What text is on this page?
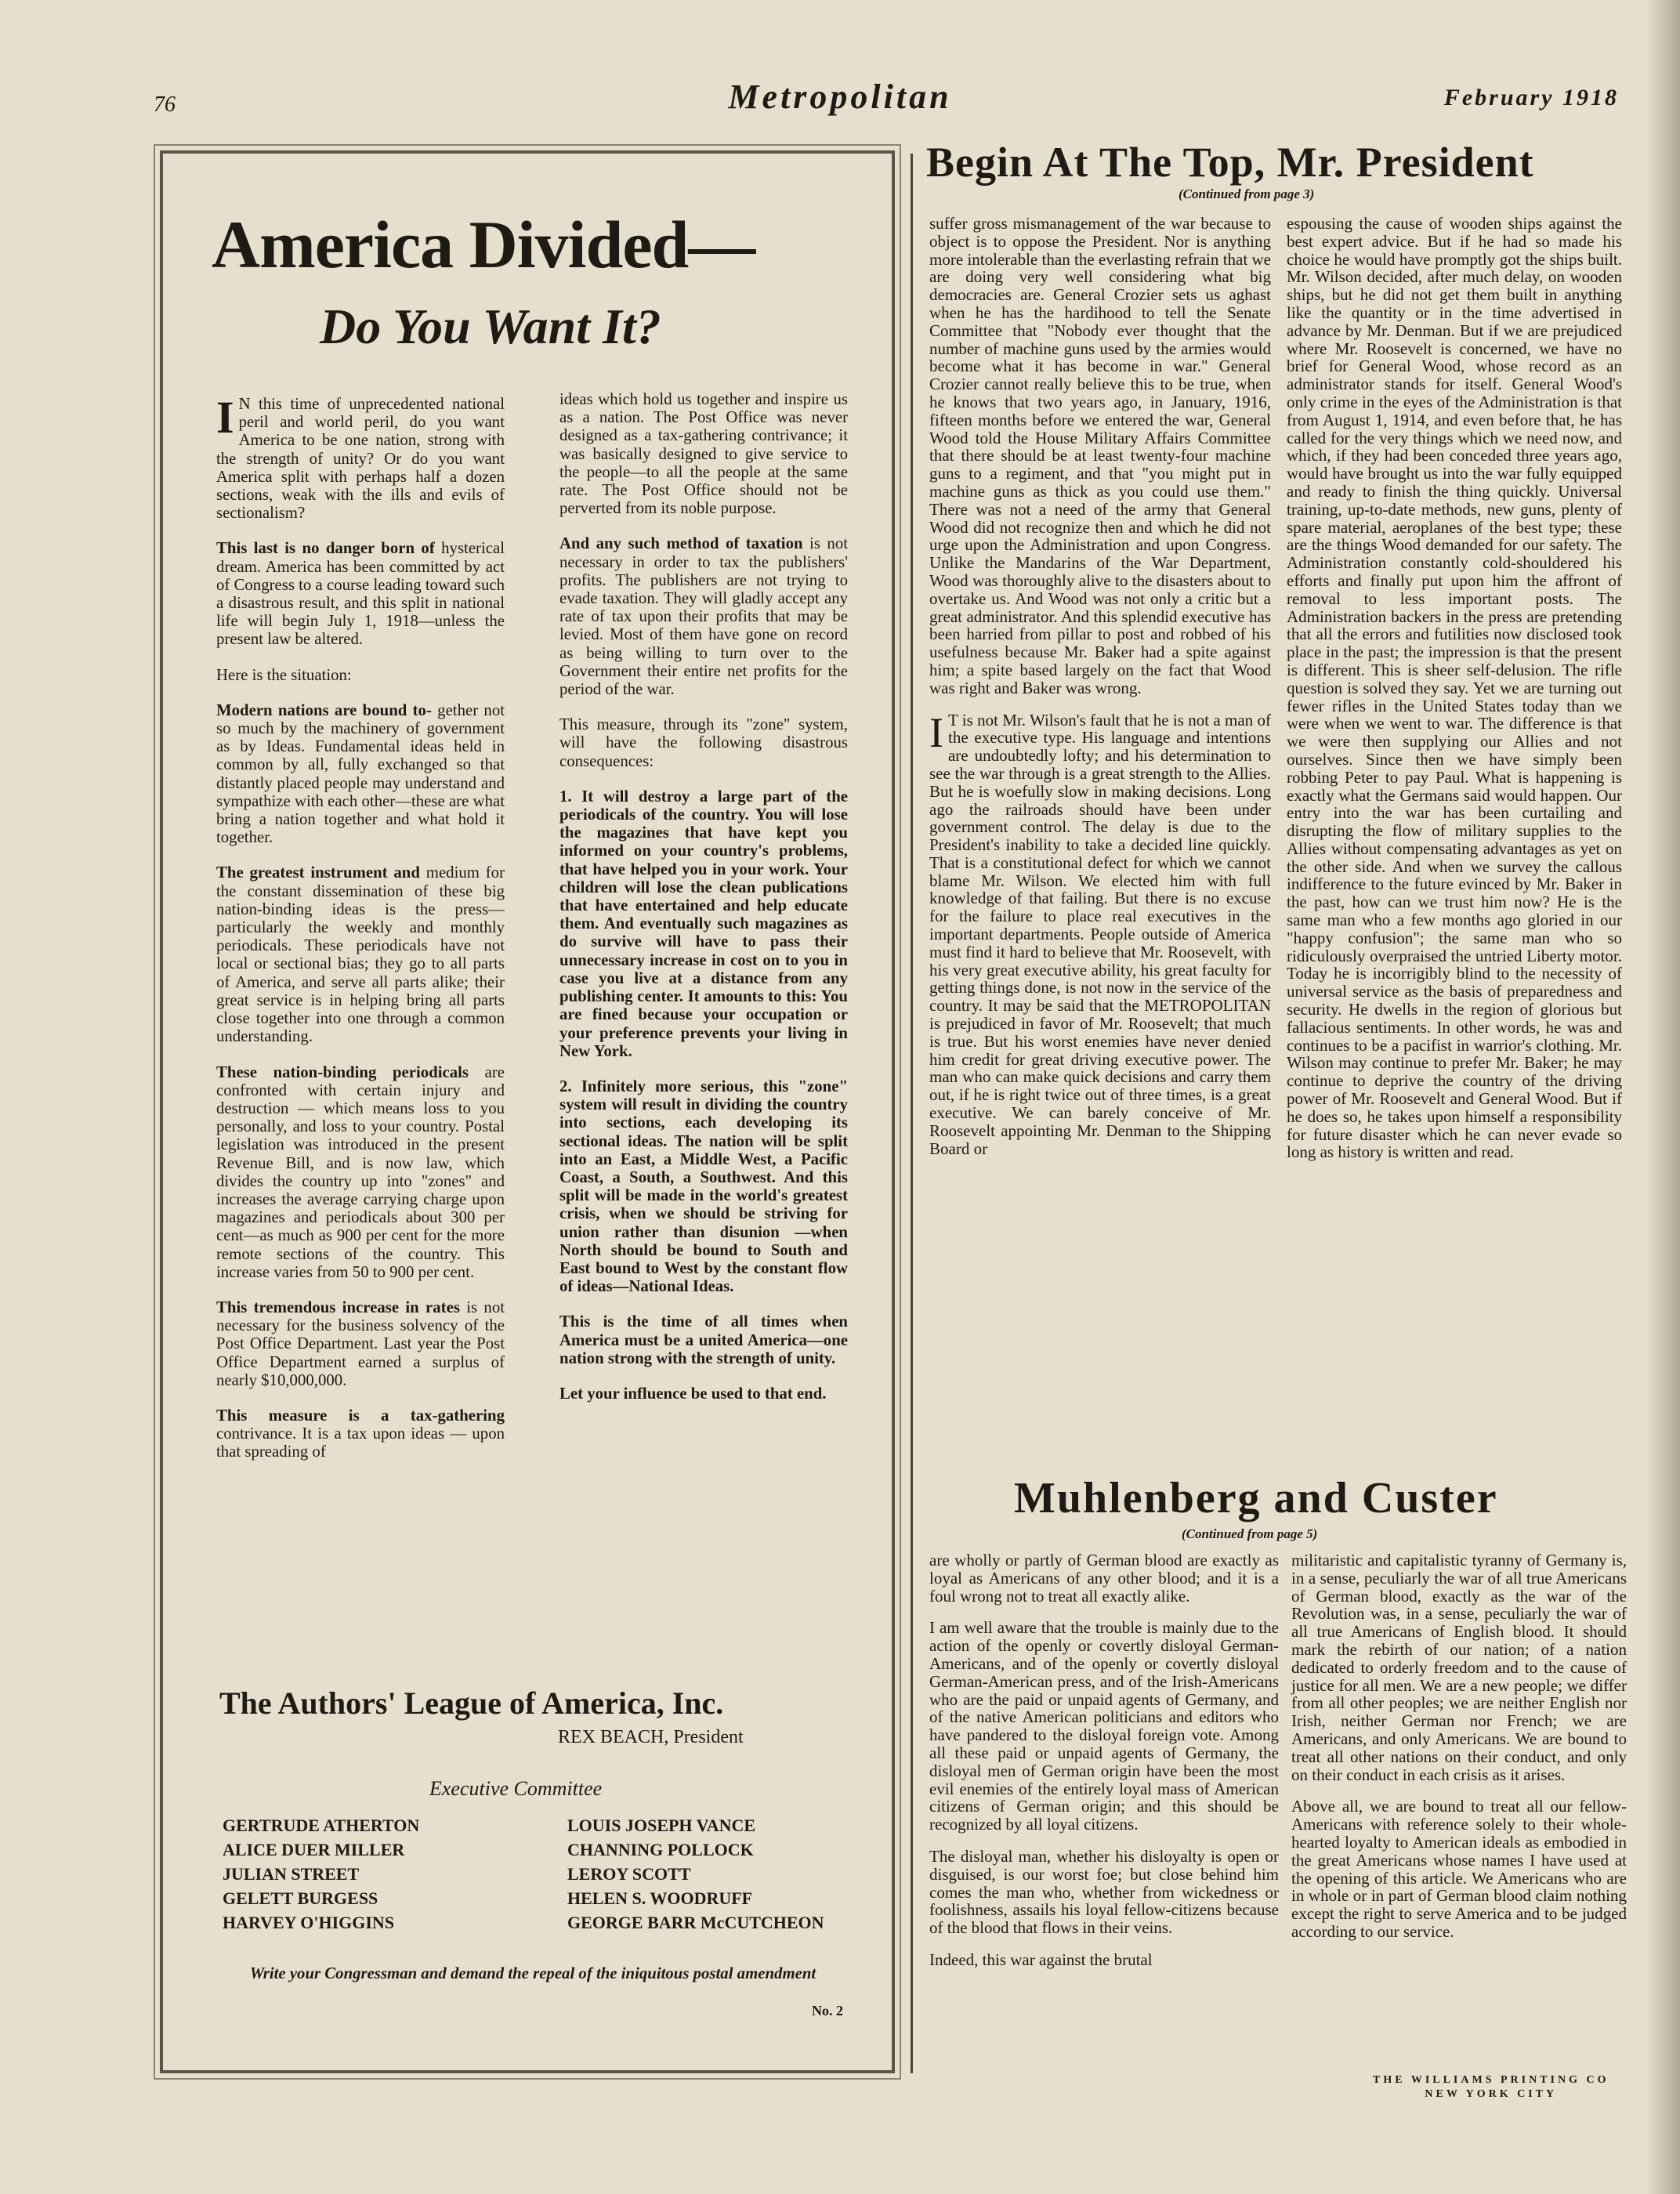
76	Metropolitan	February 1918
America Divided—
Do You Want It?

I N this time of unprecedented national peril and world peril, do you want America to be one nation, strong with the strength of unity? Or do you want America split with perhaps half a dozen sections, weak with the ills and evils of sectionalism?

This last is no danger born of hysterical dream. America has been committed by act of Congress to a course leading toward such a disastrous result, and this split in national life will begin July 1, 1918—unless the present law be altered.

Here is the situation:

Modern nations are bound to- gether not so much by the machinery of government as by Ideas. Fundamental ideas held in common by all, fully exchanged so that distantly placed people may understand and sympathize with each other—these are what bring a nation together and what hold it together.

The greatest instrument and medium for the constant dissemination of these big nation-binding ideas is the press—particularly the weekly and monthly periodicals. These periodicals have not local or sectional bias; they go to all parts of America, and serve all parts alike; their great service is in helping bring all parts close together into one through a common understanding.

These nation-binding periodicals are confronted with certain injury and destruction — which means loss to you personally, and loss to your country. Postal legislation was introduced in the present Revenue Bill, and is now law, which divides the country up into "zones" and increases the average carrying charge upon magazines and periodicals about 300 per cent—as much as 900 per cent for the more remote sections of the country. This increase varies from 50 to 900 per cent.

This tremendous increase in rates is not necessary for the business solvency of the Post Office Department. Last year the Post Office Department earned a surplus of nearly $10,000,000.

This measure is a tax-gathering contrivance. It is a tax upon ideas — upon that spreading of

ideas which hold us together and inspire us as a nation. The Post Office was never designed as a tax-gathering contrivance; it was basically designed to give service to the people—to all the people at the same rate. The Post Office should not be perverted from its noble purpose.

And any such method of taxation is not necessary in order to tax the publishers' profits. The publishers are not trying to evade taxation. They will gladly accept any rate of tax upon their profits that may be levied. Most of them have gone on record as being willing to turn over to the Government their entire net profits for the period of the war.

This measure, through its "zone" system, will have the following disastrous consequences:

1. It will destroy a large part of the periodicals of the country. You will lose the magazines that have kept you informed on your country's problems, that have helped you in your work. Your children will lose the clean publications that have entertained and help educate them. And eventually such magazines as do survive will have to pass their unnecessary increase in cost on to you in case you live at a distance from any publishing center. It amounts to this: You are fined because your occupation or your preference prevents your living in New York.

2. Infinitely more serious, this "zone" system will result in dividing the country into sections, each developing its sectional ideas. The nation will be split into an East, a Middle West, a Pacific Coast, a South, a Southwest. And this split will be made in the world's greatest crisis, when we should be striving for union rather than disunion —when North should be bound to South and East bound to West by the constant flow of ideas—National Ideas.

This is the time of all times when America must be a united America—one nation strong with the strength of unity.

Let your influence be used to that end.

The Authors' League of America, Inc.
REX BEACH, President
Executive Committee
GERTRUDE ATHERTON
ALICE DUER MILLER
JULIAN STREET
GELETT BURGESS
HARVEY O'HIGGINS
LOUIS JOSEPH VANCE
CHANNING POLLOCK
LEROY SCOTT
HELEN S. WOODRUFF
GEORGE BARR McCUTCHEON
Write your Congressman and demand the repeal of the iniquitous postal amendment
No. 2
Begin At The Top, Mr. President
(Continued from page 3)

suffer gross mismanagement of the war because to object is to oppose the President. Nor is anything more intolerable than the everlasting refrain that we are doing very well considering what big democracies are. General Crozier sets us aghast when he has the hardihood to tell the Senate Committee that "Nobody ever thought that the number of machine guns used by the armies would become what it has become in war." General Crozier cannot really believe this to be true, when he knows that two years ago, in January, 1916, fifteen months before we entered the war, General Wood told the House Military Affairs Committee that there should be at least twenty-four machine guns to a regiment, and that "you might put in machine guns as thick as you could use them." There was not a need of the army that General Wood did not recognize then and which he did not urge upon the Administration and upon Congress. Unlike the Mandarins of the War Department, Wood was thoroughly alive to the disasters about to overtake us. And Wood was not only a critic but a great administrator. And this splendid executive has been harried from pillar to post and robbed of his usefulness because Mr. Baker had a spite against him; a spite based largely on the fact that Wood was right and Baker was wrong.

I T is not Mr. Wilson's fault that he is not a man of the executive type. His language and intentions are undoubtedly lofty; and his determination to see the war through is a great strength to the Allies. But he is woefully slow in making decisions. Long ago the railroads should have been under government control. The delay is due to the President's inability to take a decided line quickly. That is a constitutional defect for which we cannot blame Mr. Wilson. We elected him with full knowledge of that failing. But there is no excuse for the failure to place real executives in the important departments. People outside of America must find it hard to believe that Mr. Roosevelt, with his very great executive ability, his great faculty for getting things done, is not now in the service of the country. It may be said that the METROPOLITAN is prejudiced in favor of Mr. Roosevelt; that much is true. But his worst enemies have never denied him credit for great driving executive power. The man who can make quick decisions and carry them out, if he is right twice out of three times, is a great executive. We can barely conceive of Mr. Roosevelt appointing Mr. Denman to the Shipping Board or

espousing the cause of wooden ships against the best expert advice. But if he had so made his choice he would have promptly got the ships built. Mr. Wilson decided, after much delay, on wooden ships, but he did not get them built in anything like the quantity or in the time advertised in advance by Mr. Denman. But if we are prejudiced where Mr. Roosevelt is concerned, we have no brief for General Wood, whose record as an administrator stands for itself. General Wood's only crime in the eyes of the Administration is that from August 1, 1914, and even before that, he has called for the very things which we need now, and which, if they had been conceded three years ago, would have brought us into the war fully equipped and ready to finish the thing quickly. Universal training, up-to-date methods, new guns, plenty of spare material, aeroplanes of the best type; these are the things Wood demanded for our safety. The Administration constantly cold-shouldered his efforts and finally put upon him the affront of removal to less important posts. The Administration backers in the press are pretending that all the errors and futilities now disclosed took place in the past; the impression is that the present is different. This is sheer self-delusion. The rifle question is solved they say. Yet we are turning out fewer rifles in the United States today than we were when we went to war. The difference is that we were then supplying our Allies and not ourselves. Since then we have simply been robbing Peter to pay Paul. What is happening is exactly what the Germans said would happen. Our entry into the war has been curtailing and disrupting the flow of military supplies to the Allies without compensating advantages as yet on the other side. And when we survey the callous indifference to the future evinced by Mr. Baker in the past, how can we trust him now? He is the same man who a few months ago gloried in our "happy confusion"; the same man who so ridiculously overpraised the untried Liberty motor. Today he is incorrigibly blind to the necessity of universal service as the basis of preparedness and security. He dwells in the region of glorious but fallacious sentiments. In other words, he was and continues to be a pacifist in warrior's clothing. Mr. Wilson may continue to prefer Mr. Baker; he may continue to deprive the country of the driving power of Mr. Roosevelt and General Wood. But if he does so, he takes upon himself a responsibility for future disaster which he can never evade so long as history is written and read.

Muhlenberg and Custer
(Continued from page 5)

are wholly or partly of German blood are exactly as loyal as Americans of any other blood; and it is a foul wrong not to treat all exactly alike.

I am well aware that the trouble is mainly due to the action of the openly or covertly disloyal German-Americans, and of the openly or covertly disloyal German-American press, and of the Irish-Americans who are the paid or unpaid agents of Germany, and of the native American politicians and editors who have pandered to the disloyal foreign vote. Among all these paid or unpaid agents of Germany, the disloyal men of German origin have been the most evil enemies of the entirely loyal mass of American citizens of German origin; and this should be recognized by all loyal citizens.

The disloyal man, whether his disloyalty is open or disguised, is our worst foe; but close behind him comes the man who, whether from wickedness or foolishness, assails his loyal fellow-citizens because of the blood that flows in their veins.

Indeed, this war against the brutal

militaristic and capitalistic tyranny of Germany is, in a sense, peculiarly the war of all true Americans of German blood, exactly as the war of the Revolution was, in a sense, peculiarly the war of all true Americans of English blood. It should mark the rebirth of our nation; of a nation dedicated to orderly freedom and to the cause of justice for all men. We are a new people; we differ from all other peoples; we are neither English nor Irish, neither German nor French; we are Americans, and only Americans. We are bound to treat all other nations on their conduct, and only on their conduct in each crisis as it arises.

Above all, we are bound to treat all our fellow-Americans with reference solely to their whole-hearted loyalty to American ideals as embodied in the great Americans whose names I have used at the opening of this article. We Americans who are in whole or in part of German blood claim nothing except the right to serve America and to be judged according to our service.

THE WILLIAMS PRINTING CO
NEW YORK CITY
